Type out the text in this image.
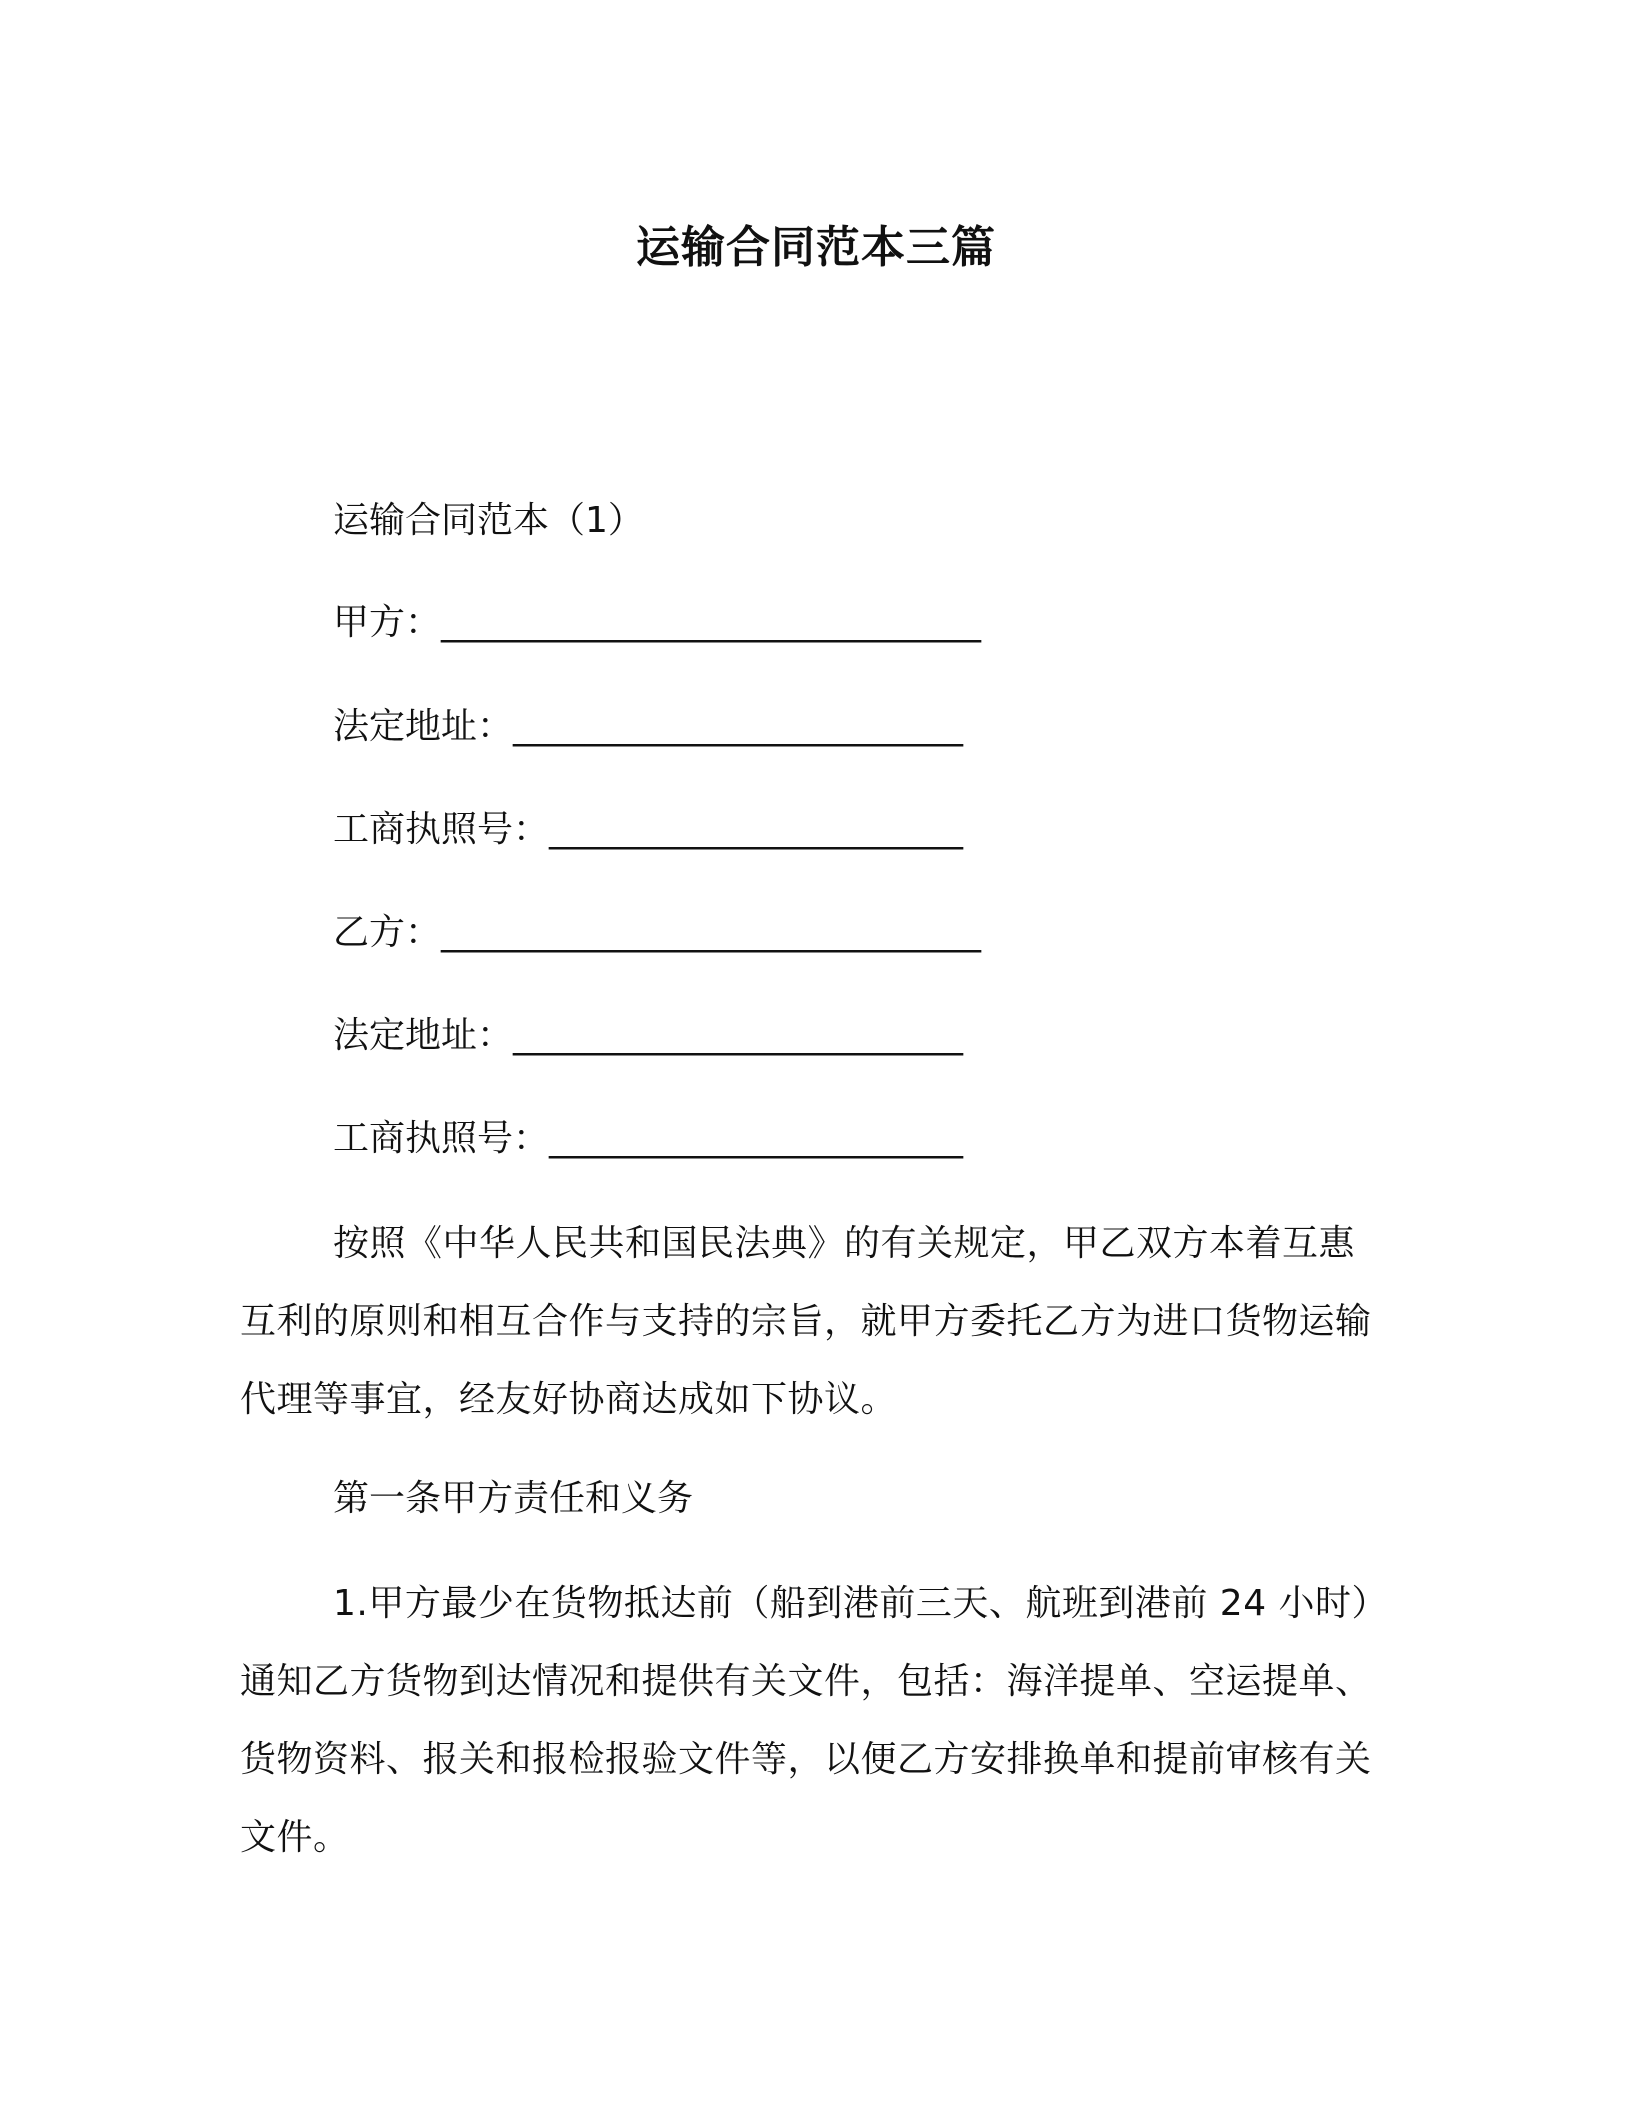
运输合同范本三篇
运输合同范本（1）
甲方：______________________________
法定地址：_________________________
工商执照号：_______________________
乙方：______________________________
法定地址：_________________________
工商执照号：_______________________
按照《中华人民共和国民法典》的有关规定，甲乙双方本着互惠互利的原则和相互合作与支持的宗旨，就甲方委托乙方为进口货物运输代理等事宜，经友好协商达成如下协议。
第一条甲方责任和义务
1.甲方最少在货物抵达前（船到港前三天、航班到港前 24 小时）通知乙方货物到达情况和提供有关文件，包括：海洋提单、空运提单、货物资料、报关和报检报验文件等，以便乙方安排换单和提前审核有关文件。
